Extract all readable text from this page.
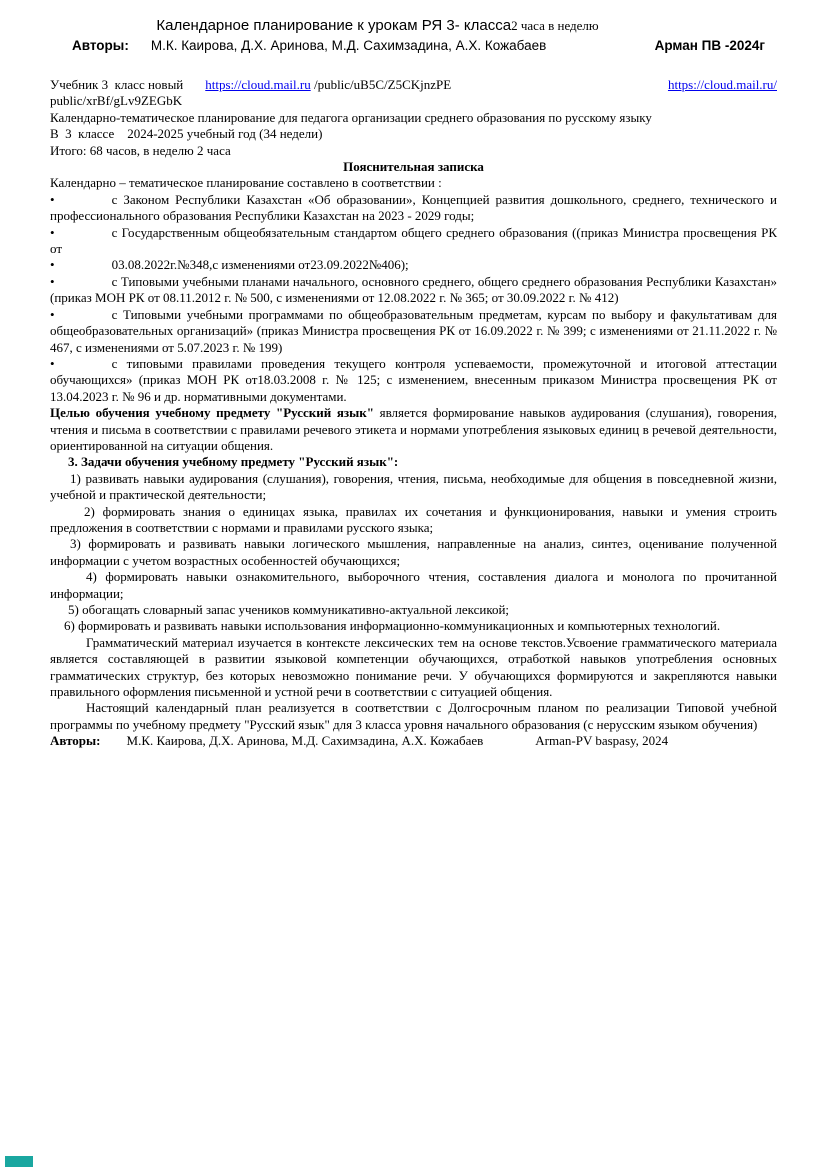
Календарное планирование к урокам РЯ 3- класса2 часа в неделю
Авторы: М.К. Каирова, Д.Х. Аринова, М.Д. Сахимзадина, А.Х. Кожабаев	Арман ПВ -2024г

Учебник 3  класс новый https://cloud.mail.ru /public/uB5C/Z5CKjnzPE	https://cloud.mail.ru/

public/xrBf/gLv9ZEGbK

Календарно-тематическое планирование для педагога организации среднего образования по русскому языку

В  3  классе    2024-2025 учебный год (34 недели)

Итого: 68 часов, в неделю 2 часа

Пояснительная записка

Календарно – тематическое планирование составлено в соответствии :

•	с Законом Республики Казахстан «Об образовании», Концепцией развития дошкольного, среднего, технического и профессионального образования Республики Казахстан на 2023 - 2029 годы;

•	с Государственным общеобязательным стандартом общего среднего образования ((приказ Министра просвещения РК от

•	03.08.2022г.№348,с изменениями от23.09.2022№406);

•	с Типовыми учебными планами начального, основного среднего, общего среднего образования Республики Казахстан» (приказ МОН РК от 08.11.2012 г. № 500, с изменениями от 12.08.2022 г. № 365; от 30.09.2022 г. № 412)

•	с Типовыми учебными программами по общеобразовательным предметам, курсам по выбору и факультативам для общеобразовательных организаций» (приказ Министра просвещения РК от 16.09.2022 г. № 399; с изменениями от 21.11.2022 г. № 467, с изменениями от 5.07.2023 г. № 199)

•	с типовыми правилами проведения текущего контроля успеваемости, промежуточной и итоговой аттестации обучающихся» (приказ МОН РК от18.03.2008 г. № 125; с изменением, внесенным приказом Министра просвещения РК от 13.04.2023 г. № 96 и др. нормативными документами.

Целью обучения учебному предмету "Русский язык" является формирование навыков аудирования (слушания), говорения, чтения и письма в соответствии с правилами речевого этикета и нормами употребления языковых единиц в речевой деятельности, ориентированной на ситуации общения.

3. Задачи обучения учебному предмету "Русский язык":

1) развивать навыки аудирования (слушания), говорения, чтения, письма, необходимые для общения в повседневной жизни, учебной и практической деятельности;

2) формировать знания о единицах языка, правилах их сочетания и функционирования, навыки и умения строить предложения в соответствии с нормами и правилами русского языка;

3) формировать и развивать навыки логического мышления, направленные на анализ, синтез, оценивание полученной информации с учетом возрастных особенностей обучающихся;

4) формировать навыки ознакомительного, выборочного чтения, составления диалога и монолога по прочитанной информации;

5) обогащать словарный запас учеников коммуникативно-актуальной лексикой;

6) формировать и развивать навыки использования информационно-коммуникационных и компьютерных технологий.

Грамматический материал изучается в контексте лексических тем на основе текстов.Усвоение грамматического материала является составляющей в развитии языковой компетенции обучающихся, отработкой навыков употребления основных грамматических структур, без которых невозможно понимание речи. У обучающихся формируются и закрепляются навыки правильного оформления письменной и устной речи в соответствии с ситуацией общения.

Настоящий календарный план реализуется в соответствии с Долгосрочным планом по реализации Типовой учебной программы по учебному предмету "Русский язык" для 3 класса уровня начального образования (с нерусским языком обучения)

Авторы: М.К. Каирова, Д.Х. Аринова, М.Д. Сахимзадина, А.Х. Кожабаев	Arman-PV baspasy, 2024
